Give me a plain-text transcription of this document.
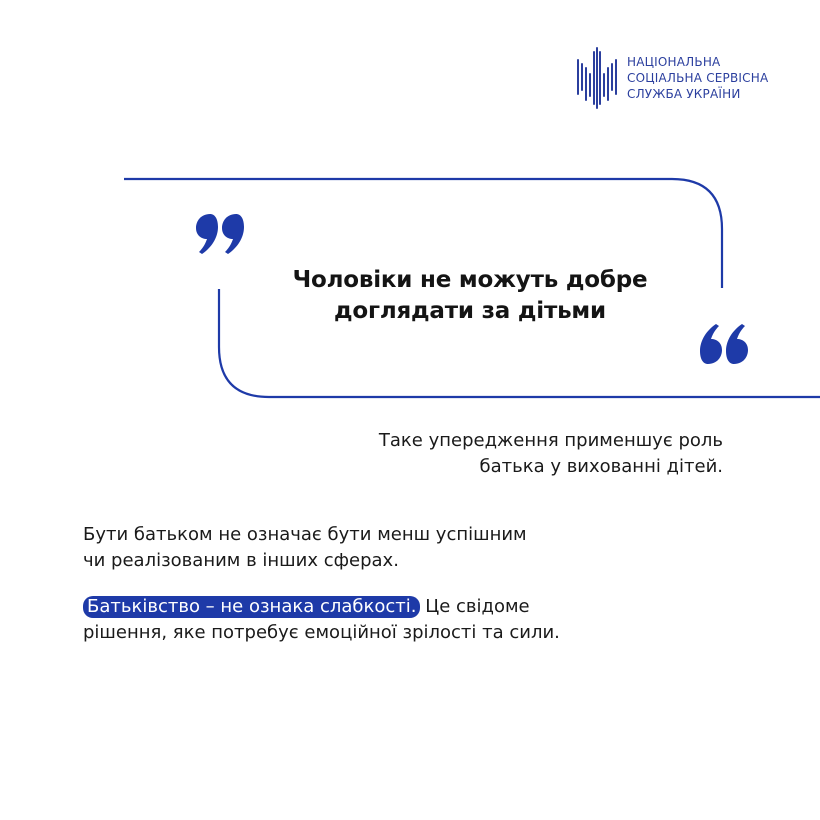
НАЦІОНАЛЬНА
СОЦІАЛЬНА СЕРВІСНА
СЛУЖБА УКРАЇНИ
Чоловіки не можуть добре
доглядати за дітьми
Таке упередження применшує роль
батька у вихованні дітей.
Бути батьком не означає бути менш успішним
чи реалізованим в інших сферах.
Батьківство – не ознака слабкості. Це свідоме
рішення, яке потребує емоційної зрілості та сили.
